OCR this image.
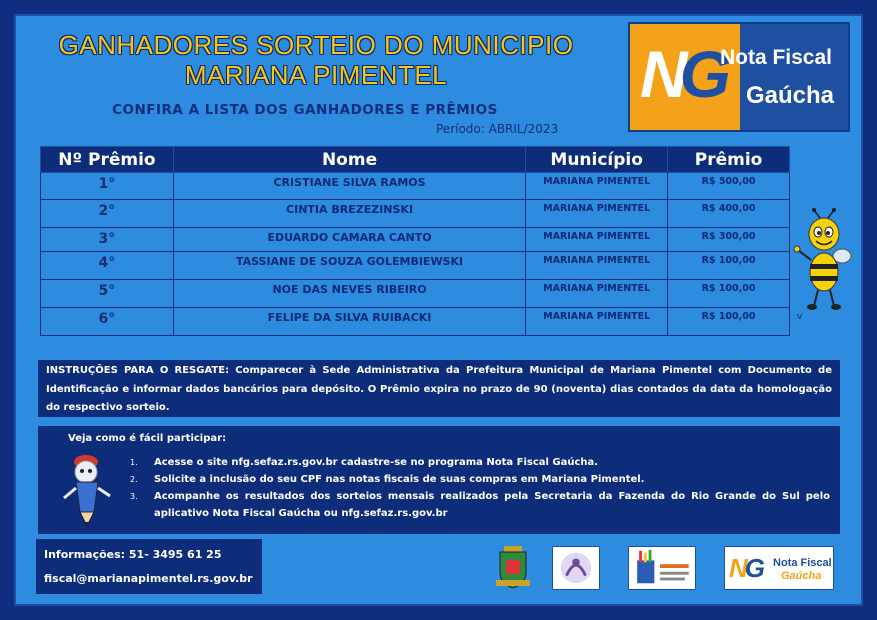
GANHADORES SORTEIO DO MUNICIPIO
MARIANA PIMENTEL
CONFIRA A LISTA DOS GANHADORES E PRÊMIOS
Período: ABRIL/2023
NG
Nota Fiscal
Gaúcha
Nº Prêmio	Nome	Município	Prêmio
1°	CRISTIANE SILVA RAMOS	MARIANA PIMENTEL	R$ 500,00
2°	CINTIA BREZEZINSKI	MARIANA PIMENTEL	R$ 400,00
3°	EDUARDO CAMARA CANTO	MARIANA PIMENTEL	R$ 300,00
4°	TASSIANE DE SOUZA GOLEMBIEWSKI	MARIANA PIMENTEL	R$ 100,00
5°	NOE DAS NEVES RIBEIRO	MARIANA PIMENTEL	R$ 100,00
6°	FELIPE DA SILVA RUIBACKI	MARIANA PIMENTEL	R$ 100,00	v
INSTRUÇÕES PARA O RESGATE: Comparecer à Sede Administrativa da Prefeitura Municipal de Mariana Pimentel com Documento de Identificação e informar dados bancários para depósito. O Prêmio expira no prazo de 90 (noventa) dias contados da data da homologação do respectivo sorteio.
Veja como é fácil participar:
1. Acesse o site nfg.sefaz.rs.gov.br cadastre-se no programa Nota Fiscal Gaúcha.
2. Solicite a inclusão do seu CPF nas notas fiscais de suas compras em Mariana Pimentel.
3. Acompanhe os resultados dos sorteios mensais realizados pela Secretaria da Fazenda do Rio Grande do Sul pelo aplicativo Nota Fiscal Gaúcha ou nfg.sefaz.rs.gov.br
Informações: 51- 3495 61 25
fiscal@marianapimentel.rs.gov.br	NG Nota Fiscal
Gaúcha
